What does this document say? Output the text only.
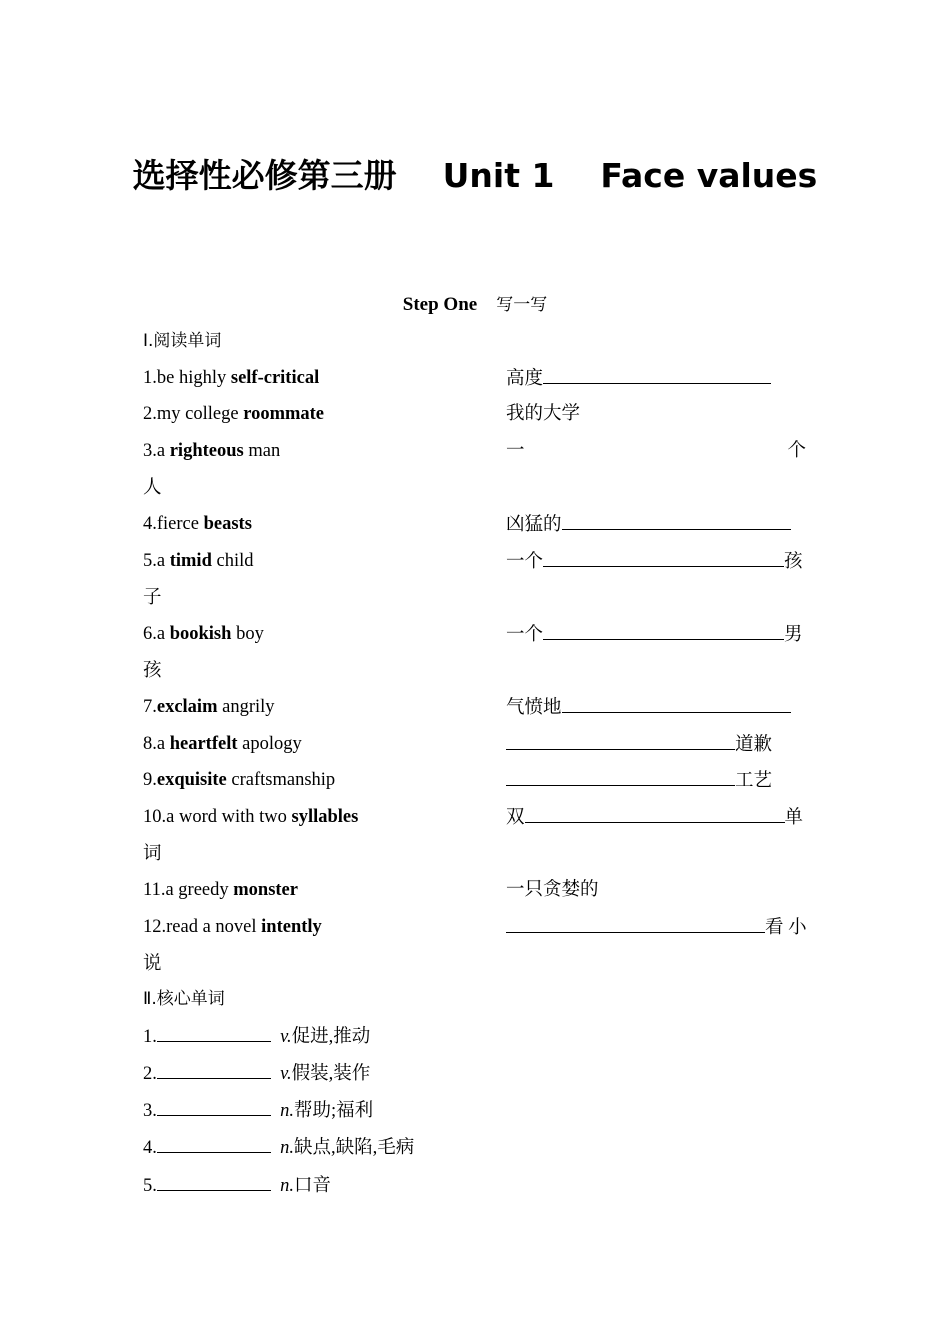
选择性必修第三册    Unit 1    Face values
Step One 写一写
Ⅰ.阅读单词
1.be highly self-critical	高度
2.my college roommate	我的大学
3.a righteous man	一	个
人
4.fierce beasts	凶猛的
5.a timid child	一个	孩
子
6.a bookish boy	一个	男
孩
7.exclaim angrily	气愤地
8.a heartfelt apology	道歉
9.exquisite craftsmanship	工艺
10.a word with two syllables	双	单
词
11.a greedy monster	一只贪婪的
12.read a novel intently	看 小
说
Ⅱ.核心单词
1.	v.促进,推动
2.	v.假装,装作
3.	n.帮助;福利
4.	n.缺点,缺陷,毛病
5.	n.口音
